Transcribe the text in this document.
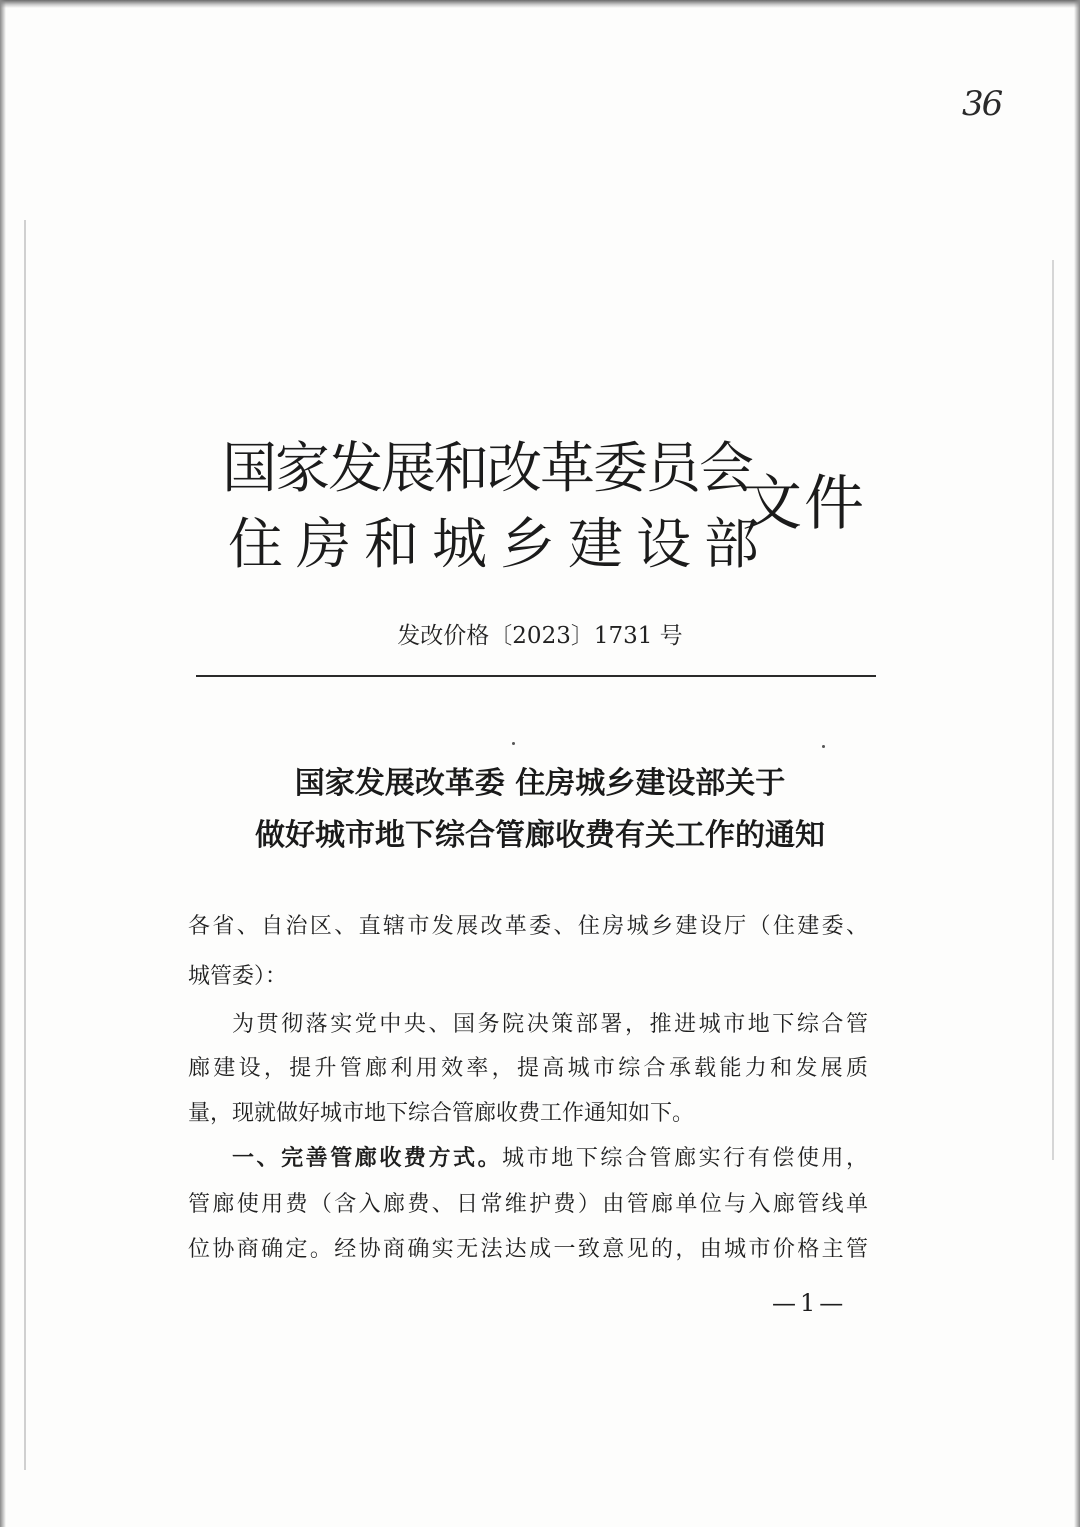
36
国家发展和改革委员会
住房和城乡建设部
文件
发改价格〔2023〕1731 号
国家发展改革委 住房城乡建设部关于
做好城市地下综合管廊收费有关工作的通知
各省、自治区、直辖市发展改革委、住房城乡建设厅（住建委、
城管委）：
为贯彻落实党中央、国务院决策部署，推进城市地下综合管
廊建设，提升管廊利用效率，提高城市综合承载能力和发展质
量，现就做好城市地下综合管廊收费工作通知如下。
一、完善管廊收费方式。城市地下综合管廊实行有偿使用，
管廊使用费（含入廊费、日常维护费）由管廊单位与入廊管线单
位协商确定。经协商确实无法达成一致意见的，由城市价格主管
—1—
